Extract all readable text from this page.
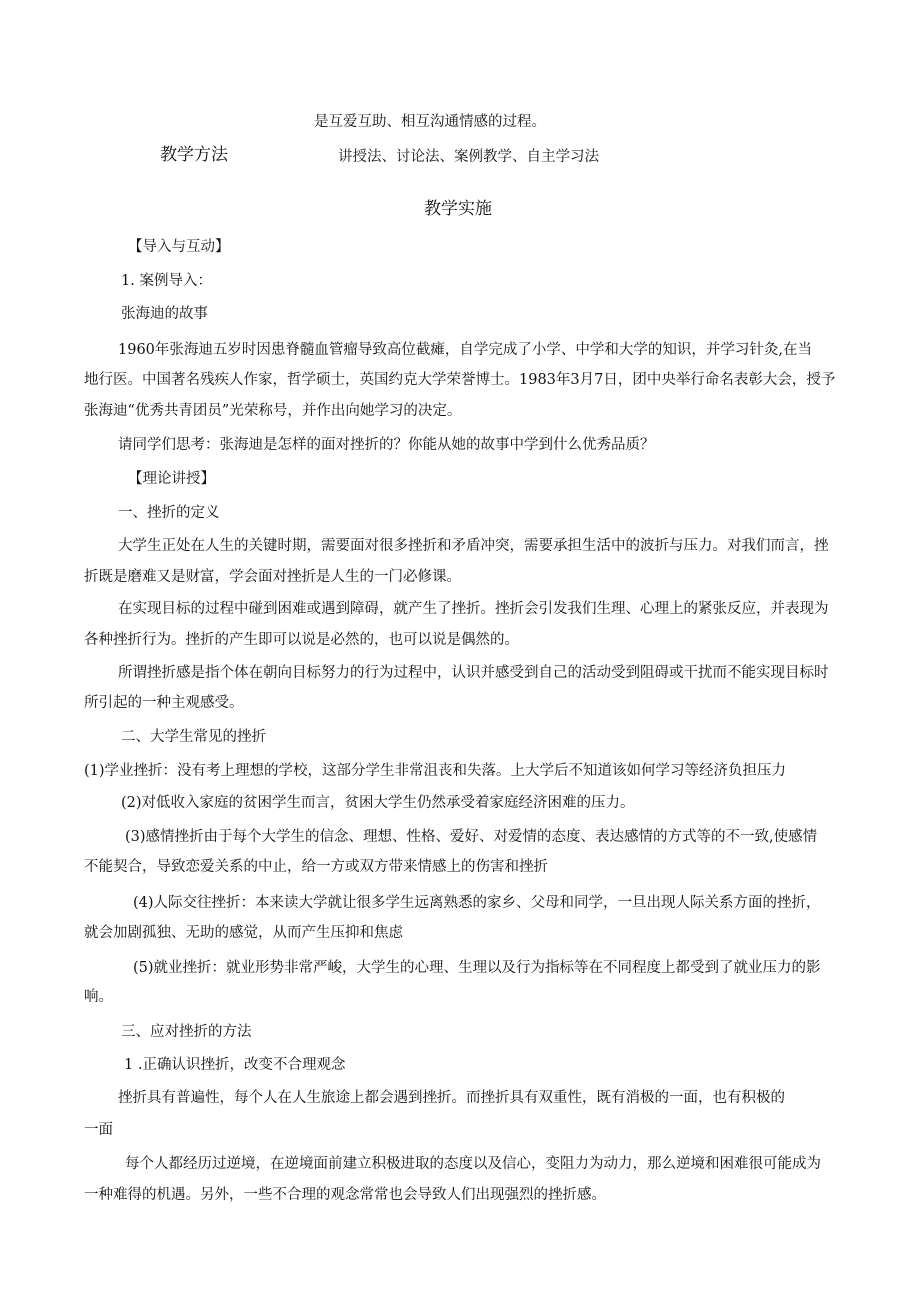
是互爱互助、相互沟通情感的过程。
教学方法	讲授法、讨论法、案例教学、自主学习法
教学实施
【导入与互动】
1. 案例导入：
张海迪的故事
1960年张海迪五岁时因患脊髓血管瘤导致高位截瘫，自学完成了小学、中学和大学的知识，并学习针灸,在当
地行医。中国著名残疾人作家，哲学硕士，英国约克大学荣誉博士。1983年3月7日，团中央举行命名表彰大会，授予
张海迪“优秀共青团员”光荣称号，并作出向她学习的决定。
请同学们思考：张海迪是怎样的面对挫折的？你能从她的故事中学到什么优秀品质？
【理论讲授】
一、挫折的定义
大学生正处在人生的关键时期，需要面对很多挫折和矛盾冲突，需要承担生活中的波折与压力。对我们而言，挫
折既是磨难又是财富，学会面对挫折是人生的一门必修课。
在实现目标的过程中碰到困难或遇到障碍，就产生了挫折。挫折会引发我们生理、心理上的紧张反应，并表现为
各种挫折行为。挫折的产生即可以说是必然的，也可以说是偶然的。
所谓挫折感是指个体在朝向目标努力的行为过程中，认识并感受到自己的活动受到阻碍或干扰而不能实现目标时
所引起的一种主观感受。
二、大学生常见的挫折
(1)学业挫折：没有考上理想的学校，这部分学生非常沮丧和失落。上大学后不知道该如何学习等经济负担压力
(2)对低收入家庭的贫困学生而言，贫困大学生仍然承受着家庭经济困难的压力。
(3)感情挫折由于每个大学生的信念、理想、性格、爱好、对爱情的态度、表达感情的方式等的不一致,使感情
不能契合，导致恋爱关系的中止，给一方或双方带来情感上的伤害和挫折
(4)人际交往挫折：本来读大学就让很多学生远离熟悉的家乡、父母和同学，一旦出现人际关系方面的挫折，
就会加剧孤独、无助的感觉，从而产生压抑和焦虑
(5)就业挫折：就业形势非常严峻，大学生的心理、生理以及行为指标等在不同程度上都受到了就业压力的影
响。
三、应对挫折的方法
1 .正确认识挫折，改变不合理观念
挫折具有普遍性，每个人在人生旅途上都会遇到挫折。而挫折具有双重性，既有消极的一面，也有积极的
一面
每个人都经历过逆境，在逆境面前建立积极进取的态度以及信心，变阻力为动力，那么逆境和困难很可能成为
一种难得的机遇。另外，一些不合理的观念常常也会导致人们出现强烈的挫折感。
